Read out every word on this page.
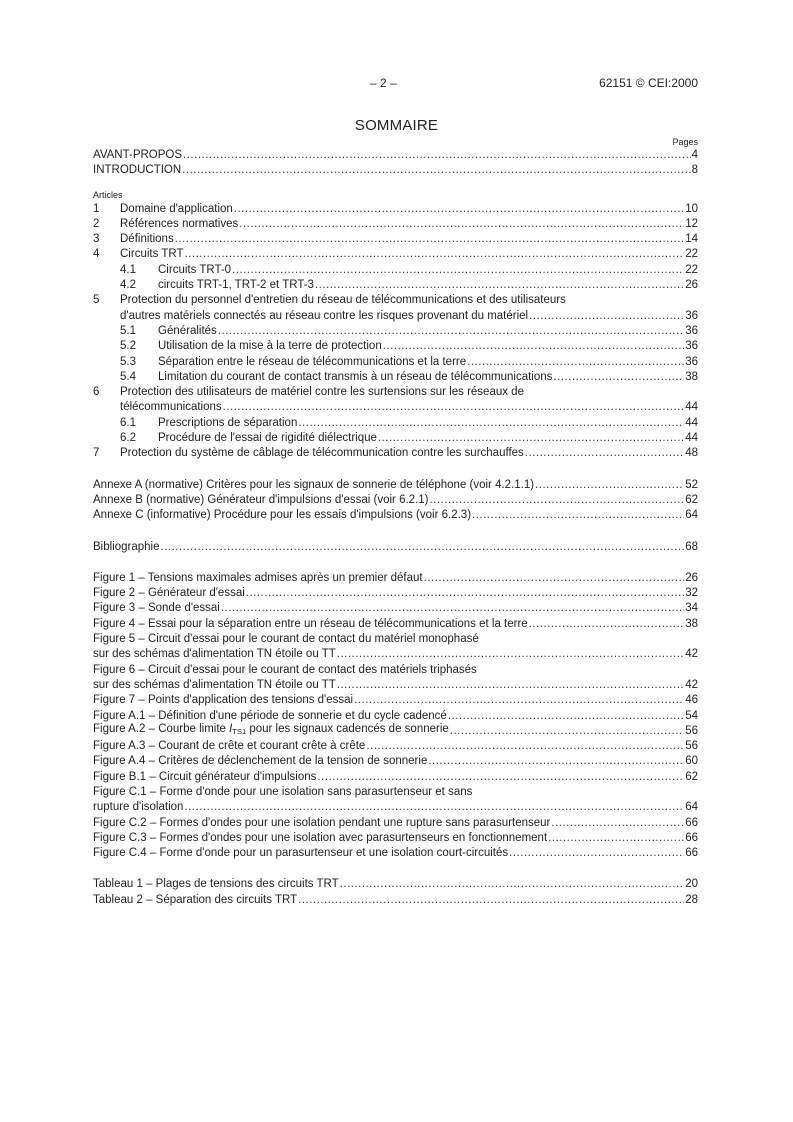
– 2 –	62151 © CEI:2000
SOMMAIRE
Pages
AVANT-PROPOS .....	4
INTRODUCTION .....	8
Articles
1	Domaine d'application .....	10
2	Références normatives .....	12
3	Définitions .....	14
4	Circuits TRT .....	22
4.1	Circuits TRT-0 .....	22
4.2	circuits TRT-1, TRT-2 et TRT-3 .....	26
5	Protection du personnel d'entretien du réseau de télécommunications et des utilisateurs
d'autres matériels connectés au réseau contre les risques provenant du matériel .....	36
5.1	Généralités .....	36
5.2	Utilisation de la mise à la terre de protection .....	36
5.3	Séparation entre le réseau de télécommunications et la terre .....	36
5.4	Limitation du courant de contact transmis à un réseau de télécommunications .....	38
6	Protection des utilisateurs de matériel contre les surtensions sur les réseaux de
télécommunications .....	44
6.1	Prescriptions de séparation .....	44
6.2	Procédure de l'essai de rigidité diélectrique .....	44
7	Protection du système de câblage de télécommunication contre les surchauffes .....	48
Annexe A (normative) Critères pour les signaux de sonnerie de téléphone (voir 4.2.1.1) .....	52
Annexe B (normative) Générateur d'impulsions d'essai (voir 6.2.1) .....	62
Annexe C (informative) Procédure pour les essais d'impulsions (voir 6.2.3) .....	64
Bibliographie .....	68
Figure 1 – Tensions maximales admises après un premier défaut .....	26
Figure 2 – Générateur d'essai .....	32
Figure 3 – Sonde d'essai .....	34
Figure 4 – Essai pour la séparation entre un réseau de télécommunications et la terre .....	38
Figure 5 – Circuit d'essai pour le courant de contact du matériel monophasé
sur des schémas d'alimentation TN étoile ou TT .....	42
Figure 6 – Circuit d'essai pour le courant de contact des matériels triphasés
sur des schémas d'alimentation TN étoile ou TT .....	42
Figure 7 – Points d'application des tensions d'essai .....	46
Figure A.1 – Définition d'une période de sonnerie et du cycle cadencé .....	54
Figure A.2 – Courbe limite $I_{TS1}$ pour les signaux cadencés de sonnerie .....	56
Figure A.3 – Courant de crête et courant crête à crête .....	56
Figure A.4 – Critères de déclenchement de la tension de sonnerie .....	60
Figure B.1 – Circuit générateur d'impulsions .....	62
Figure C.1 – Forme d'onde pour une isolation sans parasurtenseur et sans
rupture d'isolation .....	64
Figure C.2 – Formes d'ondes pour une isolation pendant une rupture sans parasurtenseur .....	66
Figure C.3 – Formes d'ondes pour une isolation avec parasurtenseurs en fonctionnement .....	66
Figure C.4 – Forme d'onde pour un parasurtenseur et une isolation court-circuités .....	66
Tableau 1 – Plages de tensions des circuits TRT .....	20
Tableau 2 – Séparation des circuits TRT .....	28
